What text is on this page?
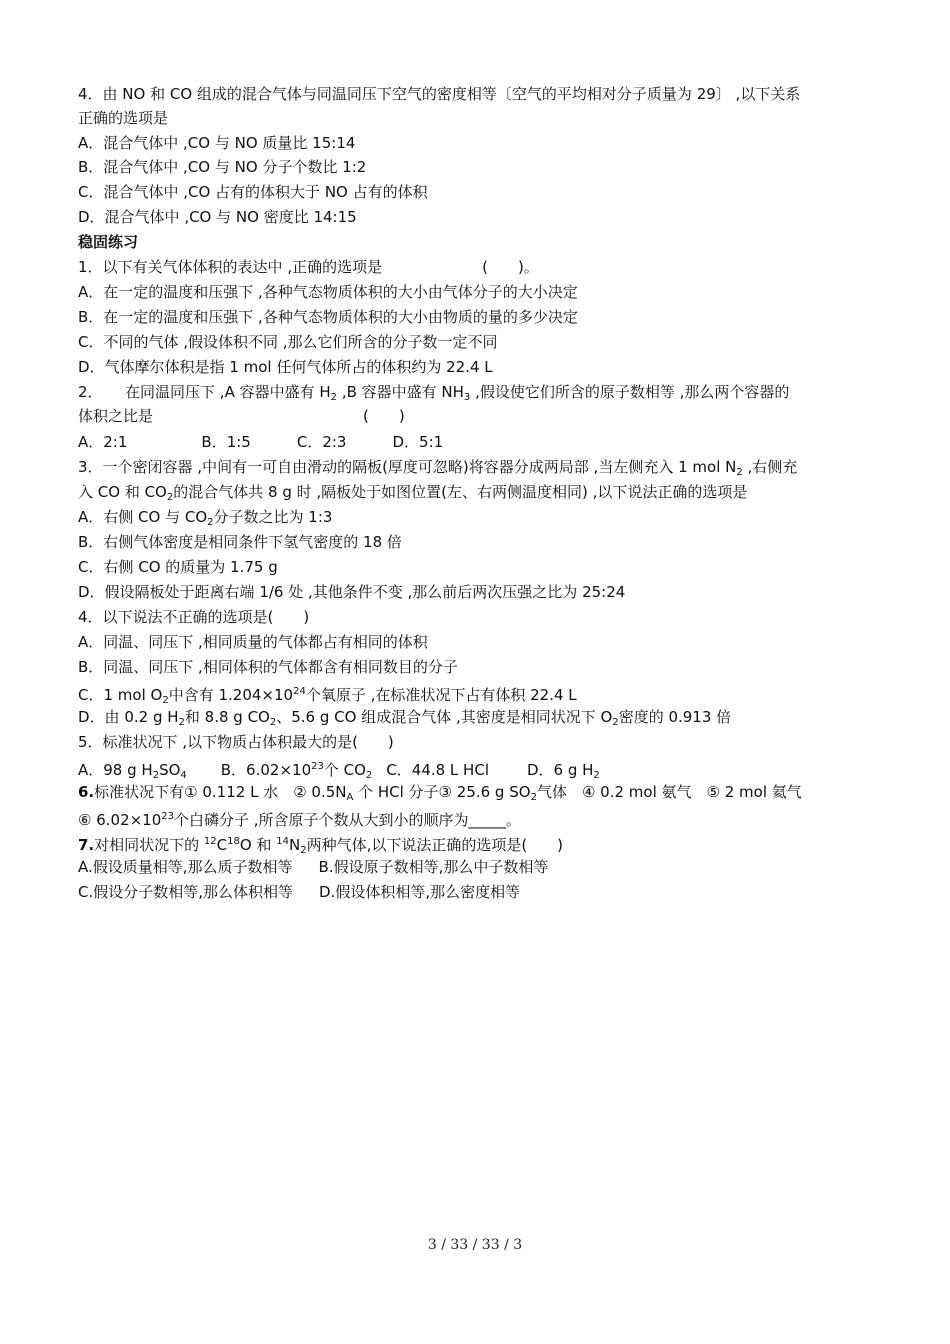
4．由 NO 和 CO 组成的混合气体与同温同压下空气的密度相等〔空气的平均相对分子质量为 29〕 ,以下关系
正确的选项是
A．混合气体中 ,CO 与 NO 质量比 15:14
B．混合气体中 ,CO 与 NO 分子个数比 1:2
C．混合气体中 ,CO 占有的体积大于 NO 占有的体积
D．混合气体中 ,CO 与 NO 密度比 14:15
稳固练习
1．以下有关气体体积的表达中 ,正确的选项是	(　　)。
A．在一定的温度和压强下 ,各种气态物质体积的大小由气体分子的大小决定
B．在一定的温度和压强下 ,各种气态物质体积的大小由物质的量的多少决定
C．不同的气体 ,假设体积不同 ,那么它们所含的分子数一定不同
D．气体摩尔体积是指 1 mol 任何气体所占的体积约为 22.4 L
2．　　在同温同压下 ,A 容器中盛有 $H_2$ ,B 容器中盛有 $NH_3$ ,假设使它们所含的原子数相等 ,那么两个容器的
体积之比是	(　　)
A．2:1	B．1:5	C．2:3	D．5:1
3．一个密闭容器 ,中间有一可自由滑动的隔板(厚度可忽略)将容器分成两局部 ,当左侧充入 1 mol $N_2$ ,右侧充
入 CO 和 $CO_2$的混合气体共 8 g 时 ,隔板处于如图位置(左、右两侧温度相同) ,以下说法正确的选项是
A．右侧 CO 与 $CO_2$分子数之比为 1:3
B．右侧气体密度是相同条件下氢气密度的 18 倍
C．右侧 CO 的质量为 1.75 g
D．假设隔板处于距离右端 1/6 处 ,其他条件不变 ,那么前后两次压强之比为 25:24
4．以下说法不正确的选项是(　　)
A．同温、同压下 ,相同质量的气体都占有相同的体积
B．同温、同压下 ,相同体积的气体都含有相同数目的分子
C．1 mol $O_2$中含有 $1.204\times 10^{24}$个氧原子 ,在标准状况下占有体积 22.4 L
D．由 0.2 g $H_2$和 8.8 g $CO_2$、5.6 g CO 组成混合气体 ,其密度是相同状况下 $O_2$密度的 0.913 倍
5．标准状况下 ,以下物质占体积最大的是(　　)
A．98 g $H_2SO_4$ B．$6.02\times 10^{23}$个 $CO_2$ C．44.8 L HCl	D．6 g $H_2$
6.标准状况下有① 0.112 L 水　② $0.5N_A$ 个 HCl 分子③ 25.6 g $SO_2$气体　④ 0.2 mol 氨气　⑤ 2 mol 氦气
⑥ $6.02\times 10^{23}$个白磷分子 ,所含原子个数从大到小的顺序为_____。
7.对相同状况下的 $^{12}C^{18}O$ 和 $^{14}N_2$两种气体,以下说法正确的选项是(　　)
A.假设质量相等,那么质子数相等 B.假设原子数相等,那么中子数相等
C.假设分子数相等,那么体积相等 D.假设体积相等,那么密度相等
3 / 33 / 33 / 3
